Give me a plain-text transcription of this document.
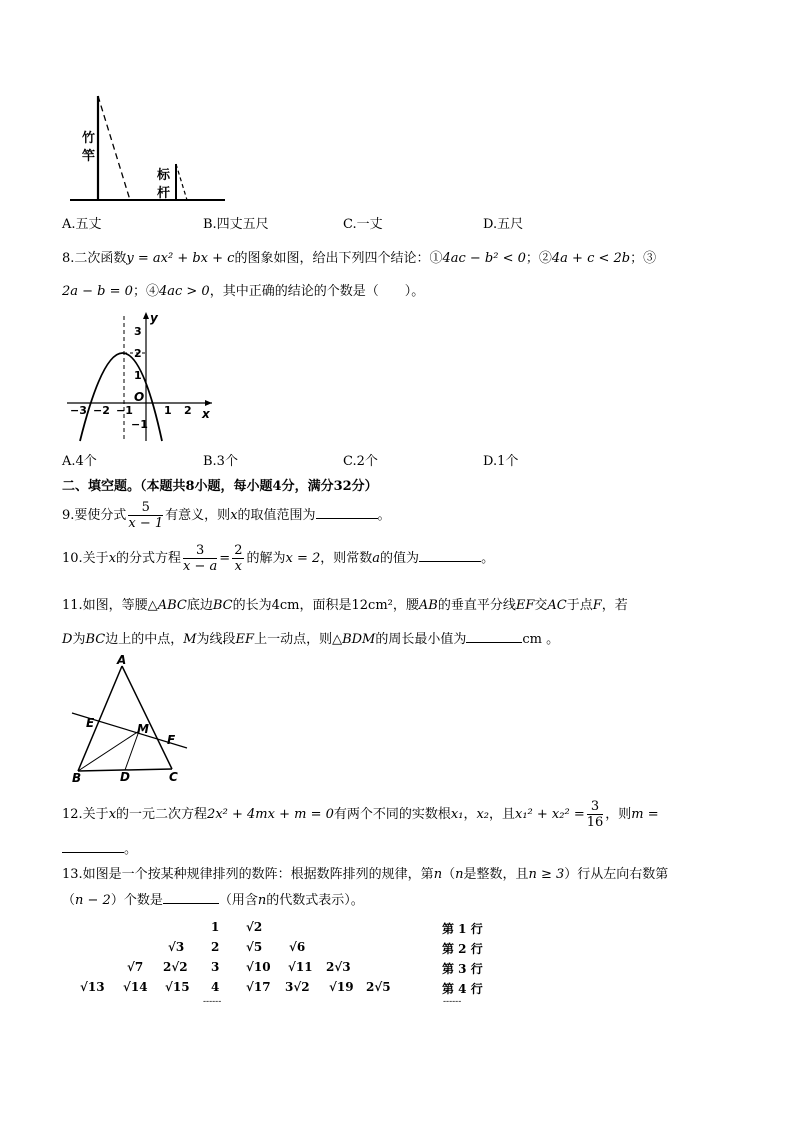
竹
竿
标
杆
A.五丈	B.四丈五尺	C.一丈	D.五尺
8.二次函数y = ax² + bx + c的图象如图，给出下列四个结论：①4ac − b² < 0；②4a + c < 2b；③
2a − b = 0；④4ac > 0，其中正确的结论的个数是（　　）。
−3 −2 −1	1 2
3
2
1
−1
O
x
y
A.4个	B.3个	C.2个	D.1个
二、填空题。（本题共8小题，每小题4分，满分32分）
9.要使分式 $\frac{5}{x - 1}$ 有意义，则x的取值范围为	。
10.关于x的分式方程 $\frac{3}{x - a} = \frac{2}{x}$ 的解为x = 2，则常数a的值为	。
11.如图，等腰△ABC底边BC的长为4cm，面积是12cm²，腰AB的垂直平分线EF交AC于点F，若
D为BC边上的中点，M为线段EF上一动点，则△BDM的周长最小值为	cm 。
A
B	C
D
E
F
M
12.关于x的一元二次方程2x² + 4mx + m = 0有两个不同的实数根x₁，x₂，且$x_1^2 + x_2^2 = \frac{3}{16}$ ，则m =
。
13.如图是一个按某种规律排列的数阵：根据数阵排列的规律，第n（n是整数，且n ≥ 3）行从左向右数第
（n − 2）个数是	（用含n的代数式表示）。
1 √2
√3 2 √5 √6
√7 2√2 3 √10 √11 2√3
√13 √14 √15 4 √17 3√2 √19 2√5
第 1 行
第 2 行
第 3 行
第 4 行
------	------
